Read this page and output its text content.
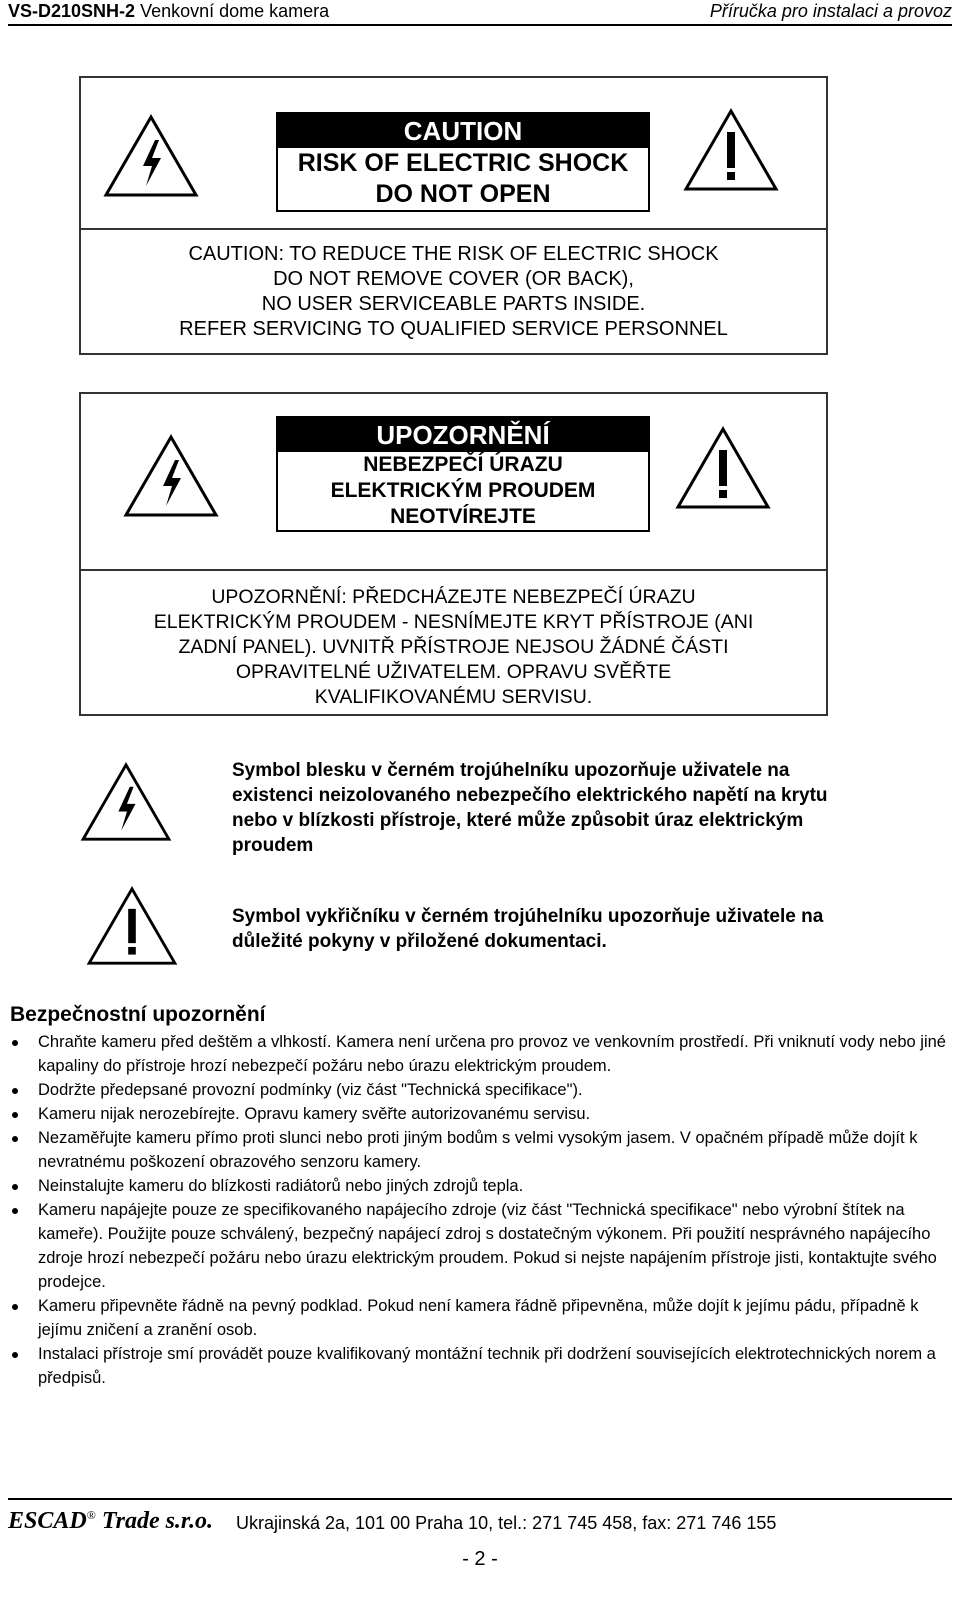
VS-D210SNH-2 Venkovní dome kamera	Příručka pro instalaci a provoz
CAUTION
RISK OF ELECTRIC SHOCK
DO NOT OPEN
CAUTION: TO REDUCE THE RISK OF ELECTRIC SHOCK
DO NOT REMOVE COVER (OR BACK),
NO USER SERVICEABLE PARTS INSIDE.
REFER SERVICING TO QUALIFIED SERVICE PERSONNEL
UPOZORNĚNÍ
NEBEZPEČÍ ÚRAZU
ELEKTRICKÝM PROUDEM
NEOTVÍREJTE
UPOZORNĚNÍ: PŘEDCHÁZEJTE NEBEZPEČÍ ÚRAZU
ELEKTRICKÝM PROUDEM - NESNÍMEJTE KRYT PŘÍSTROJE (ANI
ZADNÍ PANEL). UVNITŘ PŘÍSTROJE NEJSOU ŽÁDNÉ ČÁSTI
OPRAVITELNÉ UŽIVATELEM. OPRAVU SVĚŘTE
KVALIFIKOVANÉMU SERVISU.
Symbol blesku v černém trojúhelníku upozorňuje uživatele na existenci neizolovaného nebezpečího elektrického napětí na krytu nebo v blízkosti přístroje, které může způsobit úraz elektrickým proudem
Symbol vykřičníku v černém trojúhelníku upozorňuje uživatele na důležité pokyny v přiložené dokumentaci.
Bezpečnostní upozornění
Chraňte kameru před deštěm a vlhkostí. Kamera není určena pro provoz ve venkovním prostředí. Při vniknutí vody nebo jiné kapaliny do přístroje hrozí nebezpečí požáru nebo úrazu elektrickým proudem.
Dodržte předepsané provozní podmínky (viz část "Technická specifikace").
Kameru nijak nerozebírejte. Opravu kamery svěřte autorizovanému servisu.
Nezaměřujte kameru přímo proti slunci nebo proti jiným bodům s velmi vysokým jasem. V opačném případě může dojít k nevratnému poškození obrazového senzoru kamery.
Neinstalujte kameru do blízkosti radiátorů nebo jiných zdrojů tepla.
Kameru napájejte pouze ze specifikovaného napájecího zdroje (viz část "Technická specifikace" nebo výrobní štítek na kameře). Použijte pouze schválený, bezpečný napájecí zdroj s dostatečným výkonem. Při použití nesprávného napájecího zdroje hrozí nebezpečí požáru nebo úrazu elektrickým proudem. Pokud si nejste napájením přístroje jisti, kontaktujte svého prodejce.
Kameru připevněte řádně na pevný podklad. Pokud není kamera řádně připevněna, může dojít k jejímu pádu, případně k jejímu zničení a zranění osob.
Instalaci přístroje smí provádět pouze kvalifikovaný montážní technik při dodržení souvisejících elektrotechnických norem a předpisů.
ESCAD® Trade s.r.o. Ukrajinská 2a, 101 00 Praha 10, tel.: 271 745 458, fax: 271 746 155
- 2 -
